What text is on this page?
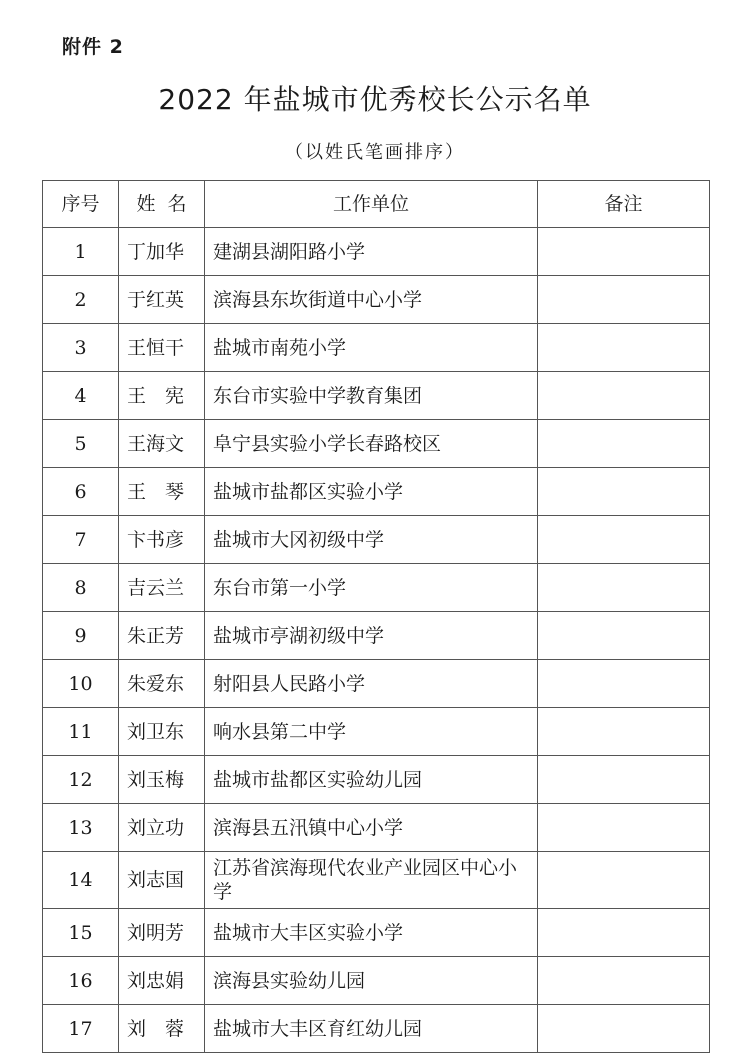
附件 2
2022 年盐城市优秀校长公示名单
（以姓氏笔画排序）
序号	姓  名	工作单位	备注
1	丁加华	建湖县湖阳路小学	
2	于红英	滨海县东坎街道中心小学	
3	王恒干	盐城市南苑小学	
4	王　宪	东台市实验中学教育集团	
5	王海文	阜宁县实验小学长春路校区	
6	王　琴	盐城市盐都区实验小学	
7	卞书彦	盐城市大冈初级中学	
8	吉云兰	东台市第一小学	
9	朱正芳	盐城市亭湖初级中学	
10	朱爱东	射阳县人民路小学	
11	刘卫东	响水县第二中学	
12	刘玉梅	盐城市盐都区实验幼儿园	
13	刘立功	滨海县五汛镇中心小学	
14	刘志国	江苏省滨海现代农业产业园区中心小学	
15	刘明芳	盐城市大丰区实验小学	
16	刘忠娟	滨海县实验幼儿园	
17	刘　蓉	盐城市大丰区育红幼儿园	
